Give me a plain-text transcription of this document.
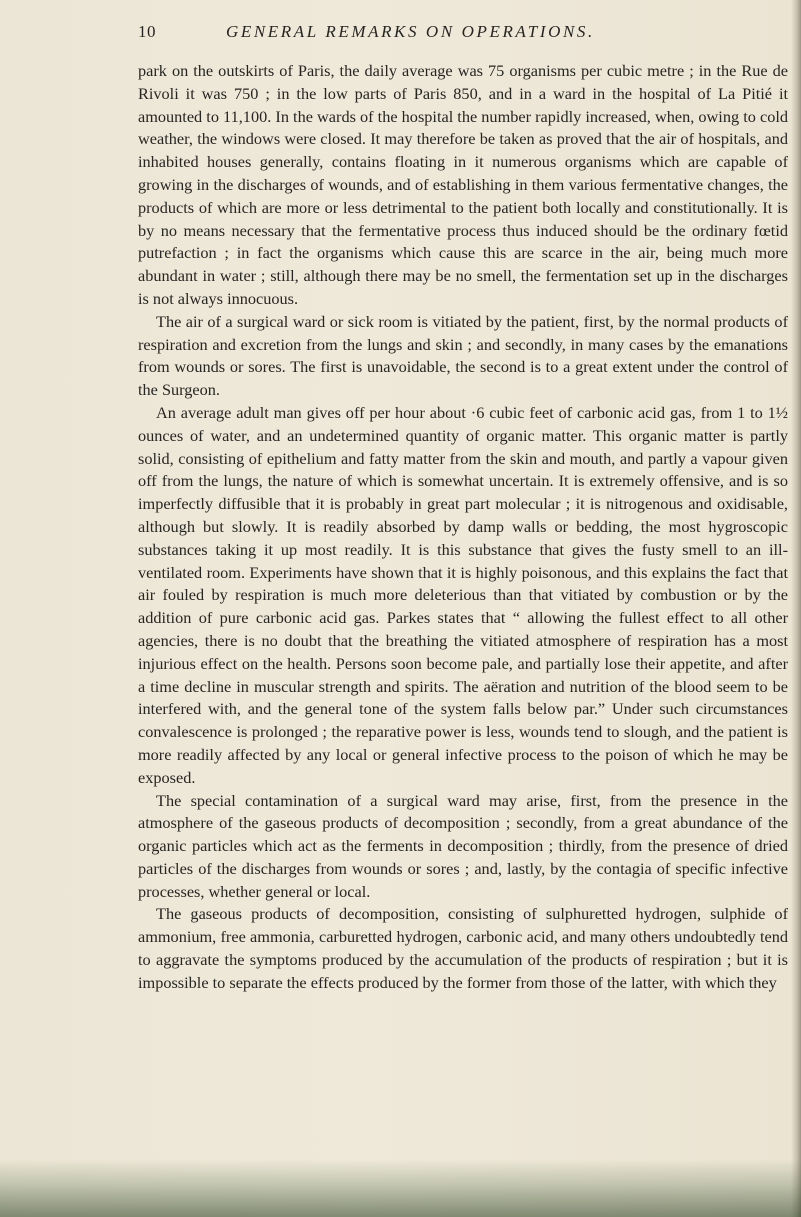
10	GENERAL REMARKS ON OPERATIONS.

park on the outskirts of Paris, the daily average was 75 organisms per cubic metre ; in the Rue de Rivoli it was 750 ; in the low parts of Paris 850, and in a ward in the hospital of La Pitié it amounted to 11,100. In the wards of the hospital the number rapidly increased, when, owing to cold weather, the windows were closed. It may therefore be taken as proved that the air of hospitals, and inhabited houses generally, contains floating in it numerous organisms which are capable of growing in the discharges of wounds, and of establishing in them various fermentative changes, the products of which are more or less detrimental to the patient both locally and constitutionally. It is by no means necessary that the fermentative process thus induced should be the ordinary fœtid putrefaction ; in fact the organisms which cause this are scarce in the air, being much more abundant in water ; still, although there may be no smell, the fermentation set up in the discharges is not always innocuous.

The air of a surgical ward or sick room is vitiated by the patient, first, by the normal products of respiration and excretion from the lungs and skin ; and secondly, in many cases by the emanations from wounds or sores. The first is unavoidable, the second is to a great extent under the control of the Surgeon.

An average adult man gives off per hour about ·6 cubic feet of carbonic acid gas, from 1 to 1½ ounces of water, and an undetermined quantity of organic matter. This organic matter is partly solid, consisting of epithelium and fatty matter from the skin and mouth, and partly a vapour given off from the lungs, the nature of which is somewhat uncertain. It is extremely offensive, and is so imperfectly diffusible that it is probably in great part molecular ; it is nitrogenous and oxidisable, although but slowly. It is readily absorbed by damp walls or bedding, the most hygroscopic substances taking it up most readily. It is this substance that gives the fusty smell to an ill-ventilated room. Experiments have shown that it is highly poisonous, and this explains the fact that air fouled by respiration is much more deleterious than that vitiated by combustion or by the addition of pure carbonic acid gas. Parkes states that “ allowing the fullest effect to all other agencies, there is no doubt that the breathing the vitiated atmosphere of respiration has a most injurious effect on the health. Persons soon become pale, and partially lose their appetite, and after a time decline in muscular strength and spirits. The aëration and nutrition of the blood seem to be interfered with, and the general tone of the system falls below par.” Under such circumstances convalescence is prolonged ; the reparative power is less, wounds tend to slough, and the patient is more readily affected by any local or general infective process to the poison of which he may be exposed.

The special contamination of a surgical ward may arise, first, from the presence in the atmosphere of the gaseous products of decomposition ; secondly, from a great abundance of the organic particles which act as the ferments in decomposition ; thirdly, from the presence of dried particles of the discharges from wounds or sores ; and, lastly, by the contagia of specific infective processes, whether general or local.

The gaseous products of decomposition, consisting of sulphuretted hydrogen, sulphide of ammonium, free ammonia, carburetted hydrogen, carbonic acid, and many others undoubtedly tend to aggravate the symptoms produced by the accumulation of the products of respiration ; but it is impossible to separate the effects produced by the former from those of the latter, with which they
